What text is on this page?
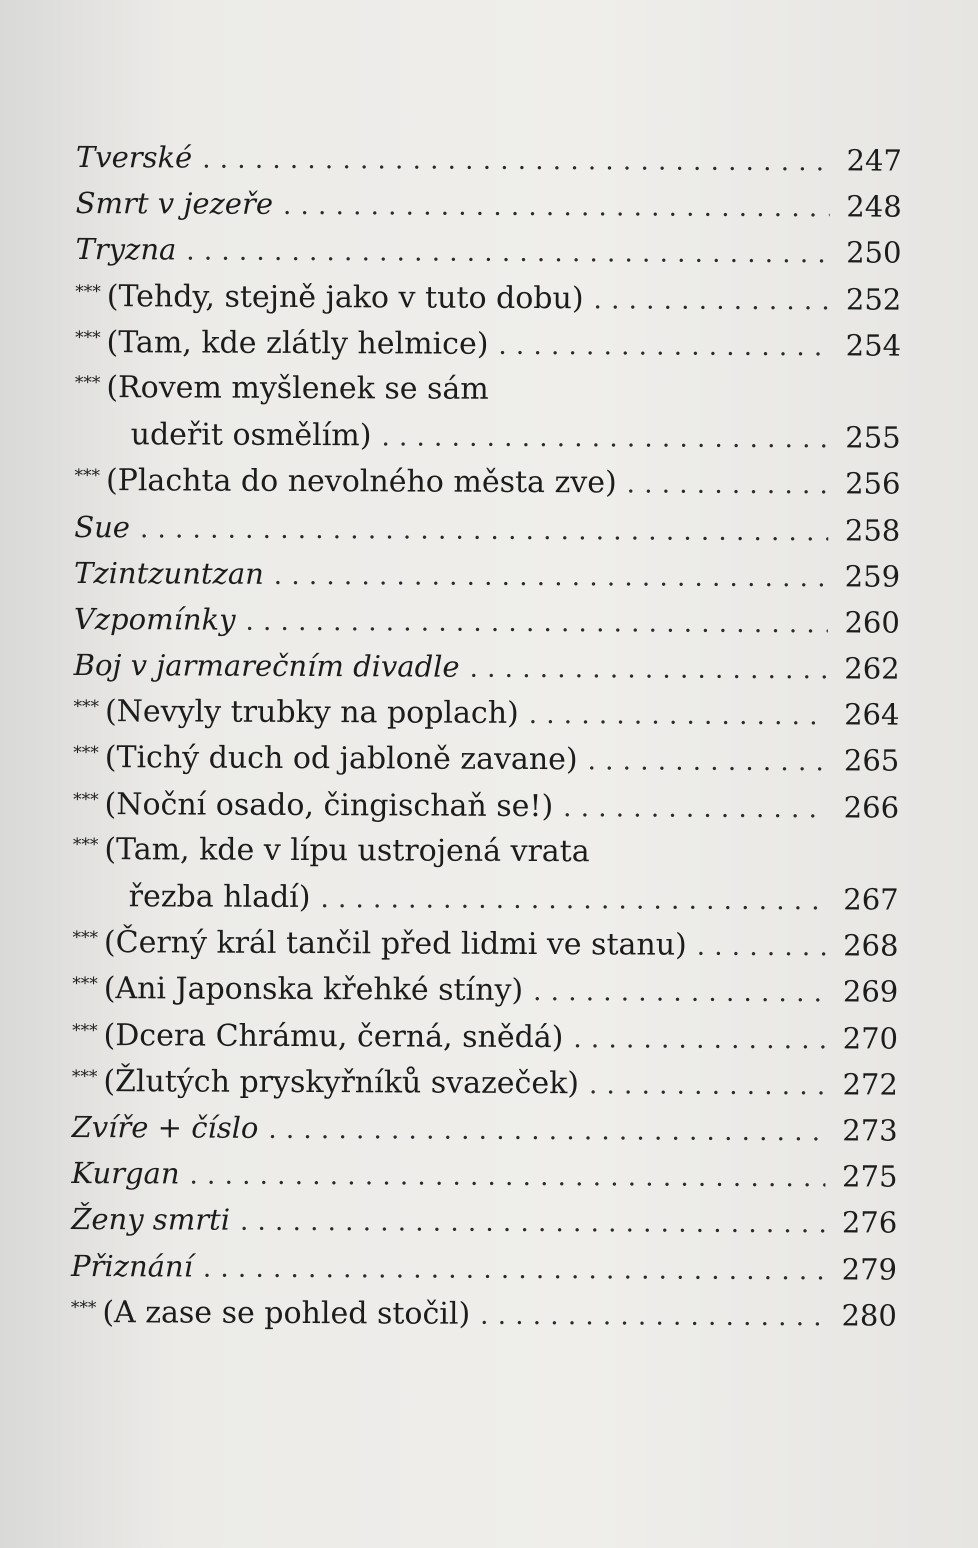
Tverské . . .	247
Smrt v jezeře . . .	248
Tryzna . . .	250
*** (Tehdy, stejně jako v tuto dobu) . . .	252
*** (Tam, kde zlátly helmice) . . .	254
*** (Rovem myšlenek se sám
udeřit osmělím) . . .	255
*** (Plachta do nevolného města zve) . . .	256
Sue . . .	258
Tzintzuntzan . . .	259
Vzpomínky . . .	260
Boj v jarmarečním divadle . . .	262
*** (Nevyly trubky na poplach) . . .	264
*** (Tichý duch od jabloně zavane) . . .	265
*** (Noční osado, čingischaň se!) . . .	266
*** (Tam, kde v lípu ustrojená vrata
řezba hladí) . . .	267
*** (Černý král tančil před lidmi ve stanu) . . .	268
*** (Ani Japonska křehké stíny) . . .	269
*** (Dcera Chrámu, černá, snědá) . . .	270
*** (Žlutých pryskyřníků svazeček) . . .	272
Zvíře + číslo . . .	273
Kurgan . . .	275
Ženy smrti . . .	276
Přiznání . . .	279
*** (A zase se pohled stočil) . . .	280
